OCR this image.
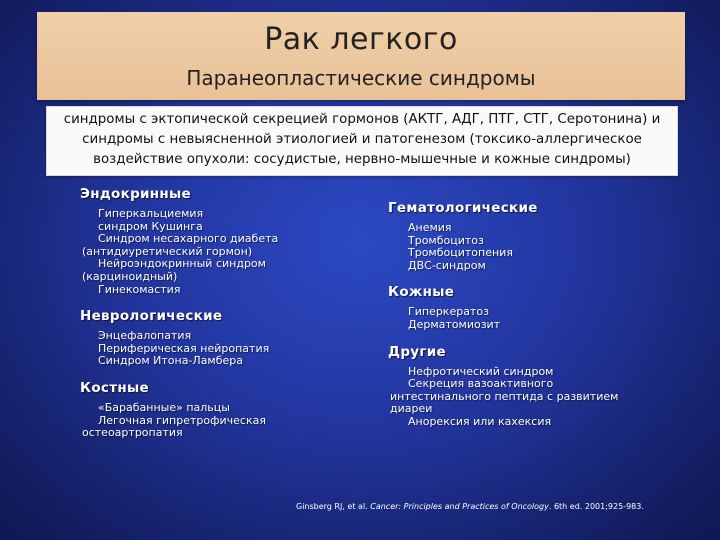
Рак легкого
Паранеопластические синдромы

синдромы с эктопической секрецией гормонов (АКТГ, АДГ, ПТГ, СТГ, Серотонина) и синдромы с невыясненной этиологией и патогенезом (токсико-аллергическое воздействие опухоли: сосудистые, нервно-мышечные и кожные синдромы)

Эндокринные
Гиперкальциемия
синдром Кушинга
Синдром несахарного диабета
(антидиуретический гормон)
Нейроэндокринный синдром
(карциноидный)
Гинекомастия
Неврологические
Энцефалопатия
Периферическая нейропатия
Синдром Итона-Ламбера
Костные
«Барабанные» пальцы
Легочная гипретрофическая
остеоартропатия
Гематологические
Анемия
Тромбоцитоз
Тромбоцитопения
ДВС-синдром
Кожные
Гиперкератоз
Дерматомиозит
Другие
Нефротический синдром
Секреция вазоактивного
интестинального пептида с развитием
диареи
Анорексия или кахексия
Ginsberg RJ, et al. Cancer: Principles and Practices of Oncology. 6th ed. 2001;925-983.
